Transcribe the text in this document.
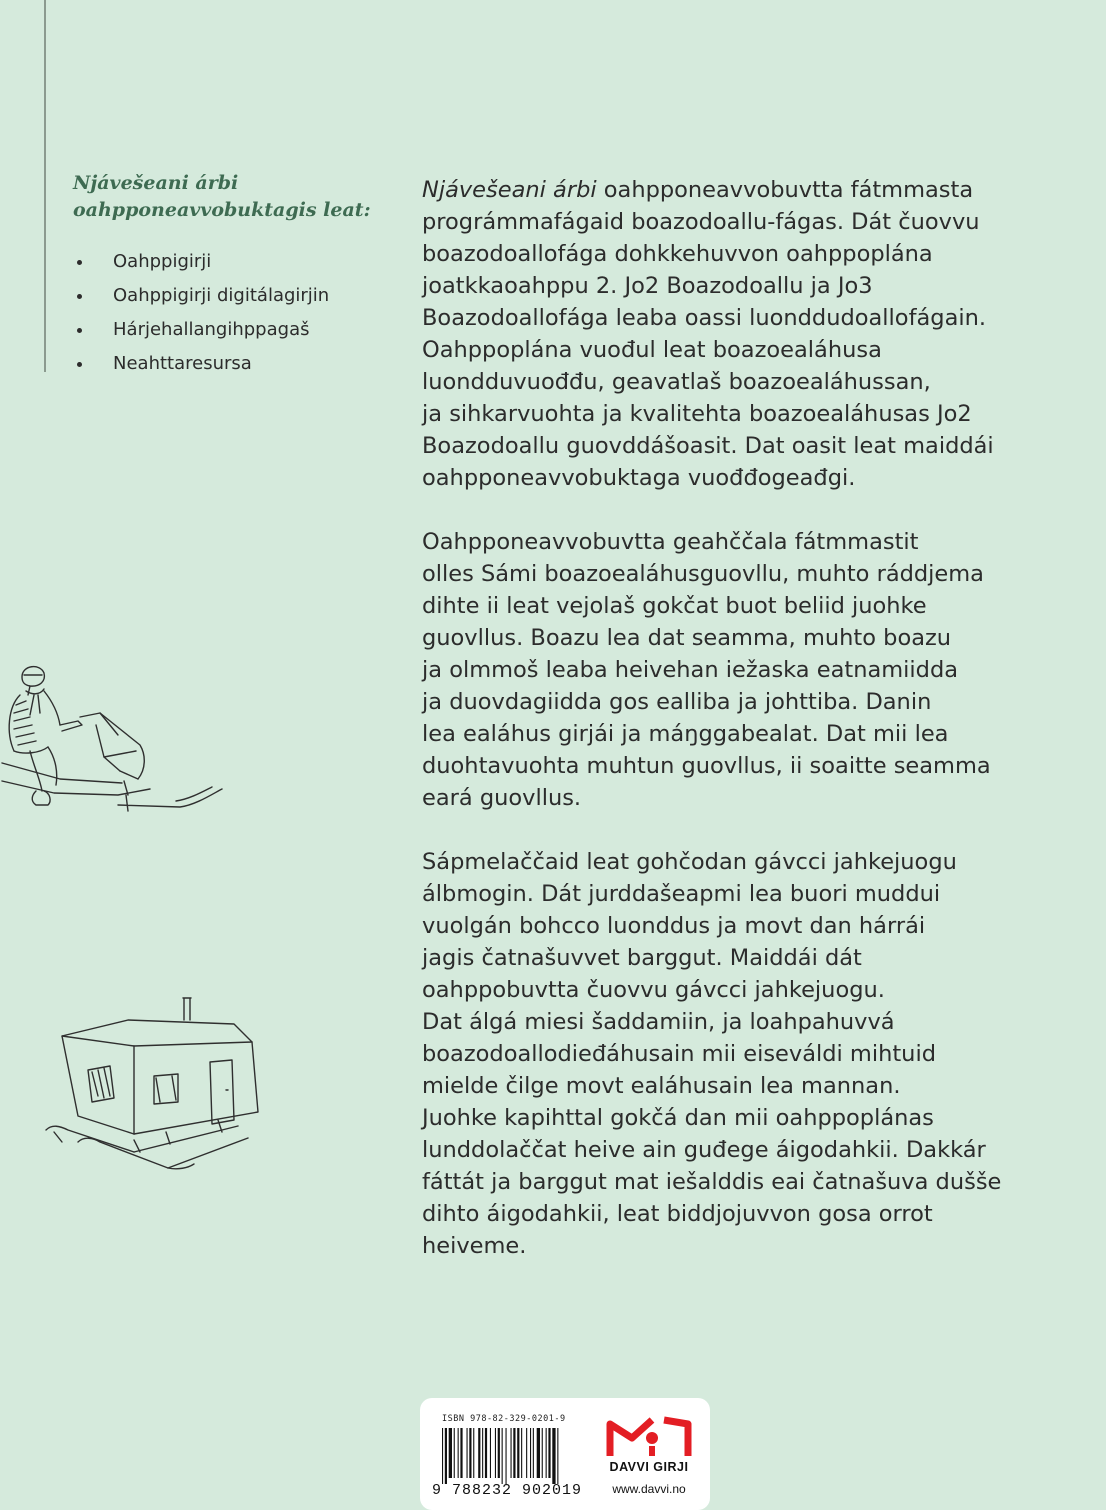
Njávešeani árbi
oahpponeavvobuktagis leat:
Oahppigirji
Oahppigirji digitálagirjin
Hárjehallangihppagaš
Neahttaresursa

Njávešeani árbi oahpponeavvobuvtta fátmmasta
prográmmafágaid boazodoallu-fágas. Dát čuovvu
boazodoallofága dohkkehuvvon oahppoplána
joatkkaoahppu 2. Jo2 Boazodoallu ja Jo3
Boazodoallofága leaba oassi luonddudoallofágain.
Oahppoplána vuođul leat boazoealáhusa
luondduvuođđu, geavatlaš boazoealáhussan,
ja sihkarvuohta ja kvalitehta boazoealáhusas Jo2
Boazodoallu guovddášoasit. Dat oasit leat maiddái
oahpponeavvobuktaga vuođđogeađgi.

Oahpponeavvobuvtta geahččala fátmmastit
olles Sámi boazoealáhusguovllu, muhto ráddjema
dihte ii leat vejolaš gokčat buot beliid juohke
guovllus. Boazu lea dat seamma, muhto boazu
ja olmmoš leaba heivehan iežaska eatnamiidda
ja duovdagiidda gos ealliba ja johttiba. Danin
lea ealáhus girjái ja máŋggabealat. Dat mii lea
duohtavuohta muhtun guovllus, ii soaitte seamma
eará guovllus.

Sápmelaččaid leat gohčodan gávcci jahkejuogu
álbmogin. Dát jurddašeapmi lea buori muddui
vuolgán bohcco luonddus ja movt dan hárrái
jagis čatnašuvvet barggut. Maiddái dát
oahppobuvtta čuovvu gávcci jahkejuogu.
Dat álgá miesi šaddamiin, ja loahpahuvvá
boazodoallodieđáhusain mii eiseváldi mihtuid
mielde čilge movt ealáhusain lea mannan.
Juohke kapihttal gokčá dan mii oahppoplánas
lunddolaččat heive ain guđege áigodahkii. Dakkár
fáttát ja barggut mat iešalddis eai čatnašuva dušše
dihto áigodahkii, leat biddjojuvvon gosa orrot
heiveme.

ISBN 978-82-329-0201-9
9 788232 902019
DAVVI GIRJI
www.davvi.no
